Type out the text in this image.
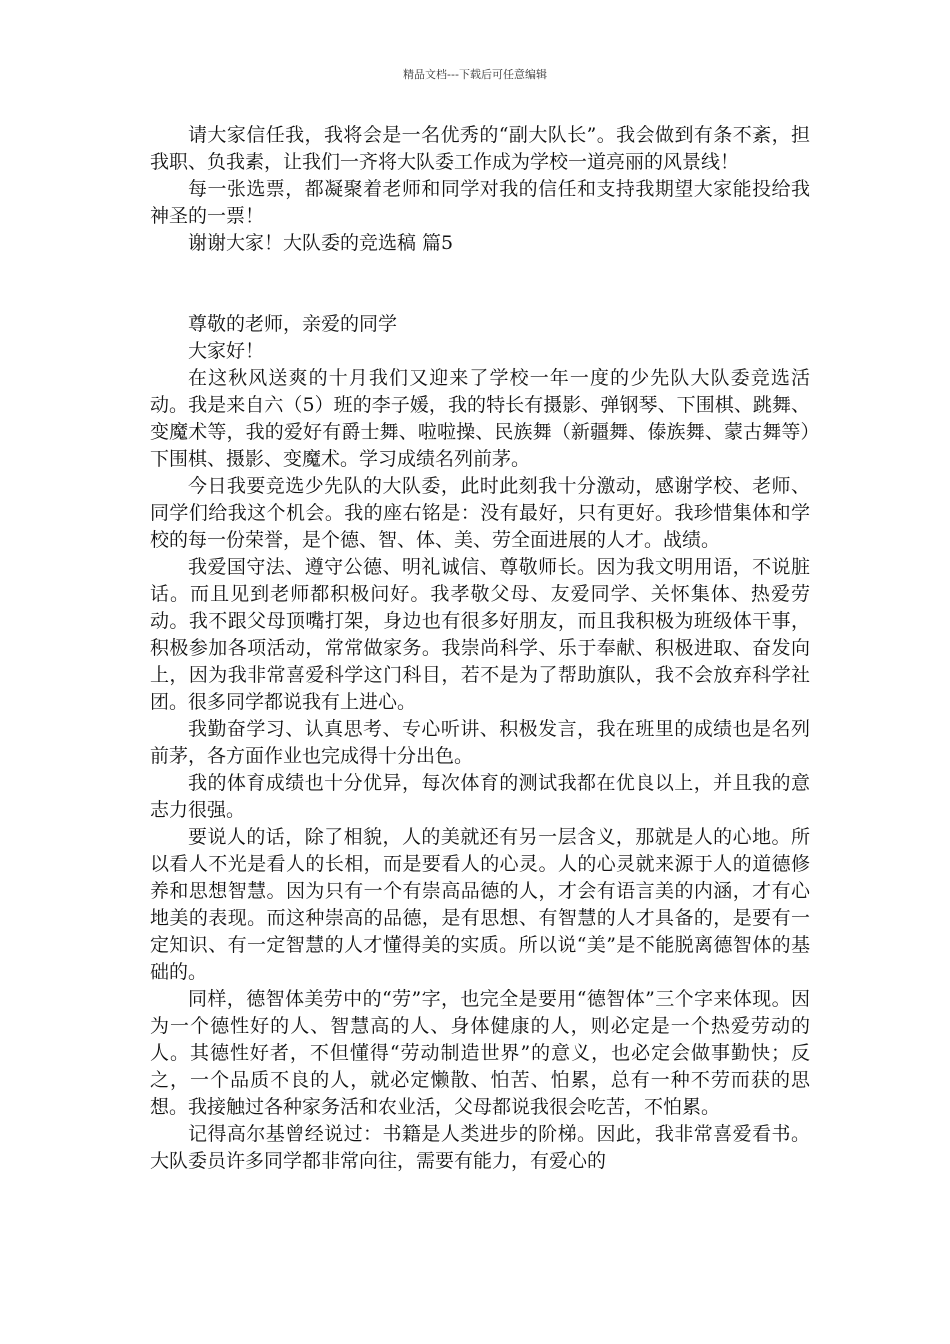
精品文档---下载后可任意编辑

请大家信任我，我将会是一名优秀的“副大队长”。我会做到有条不紊，担我职、负我素，让我们一齐将大队委工作成为学校一道亮丽的风景线！

每一张选票，都凝聚着老师和同学对我的信任和支持我期望大家能投给我神圣的一票！

谢谢大家！大队委的竞选稿 篇5

尊敬的老师，亲爱的同学

大家好！

在这秋风送爽的十月我们又迎来了学校一年一度的少先队大队委竞选活动。我是来自六（5）班的李子媛，我的特长有摄影、弹钢琴、下围棋、跳舞、变魔术等，我的爱好有爵士舞、啦啦操、民族舞（新疆舞、傣族舞、蒙古舞等）下围棋、摄影、变魔术。学习成绩名列前茅。

今日我要竞选少先队的大队委，此时此刻我十分激动，感谢学校、老师、同学们给我这个机会。我的座右铭是：没有最好，只有更好。我珍惜集体和学校的每一份荣誉，是个德、智、体、美、劳全面进展的人才。战绩。

我爱国守法、遵守公德、明礼诚信、尊敬师长。因为我文明用语，不说脏话。而且见到老师都积极问好。我孝敬父母、友爱同学、关怀集体、热爱劳动。我不跟父母顶嘴打架，身边也有很多好朋友，而且我积极为班级体干事，积极参加各项活动，常常做家务。我崇尚科学、乐于奉献、积极进取、奋发向上，因为我非常喜爱科学这门科目，若不是为了帮助旗队，我不会放弃科学社团。很多同学都说我有上进心。

我勤奋学习、认真思考、专心听讲、积极发言，我在班里的成绩也是名列前茅，各方面作业也完成得十分出色。

我的体育成绩也十分优异，每次体育的测试我都在优良以上，并且我的意志力很强。

要说人的话，除了相貌，人的美就还有另一层含义，那就是人的心地。所以看人不光是看人的长相，而是要看人的心灵。人的心灵就来源于人的道德修养和思想智慧。因为只有一个有崇高品德的人，才会有语言美的内涵，才有心地美的表现。而这种崇高的品德，是有思想、有智慧的人才具备的，是要有一定知识、有一定智慧的人才懂得美的实质。所以说“美”是不能脱离德智体的基础的。

同样，德智体美劳中的“劳”字，也完全是要用“德智体”三个字来体现。因为一个德性好的人、智慧高的人、身体健康的人，则必定是一个热爱劳动的人。其德性好者，不但懂得“劳动制造世界”的意义，也必定会做事勤快；反之，一个品质不良的人，就必定懒散、怕苦、怕累，总有一种不劳而获的思想。我接触过各种家务活和农业活，父母都说我很会吃苦，不怕累。

记得高尔基曾经说过：书籍是人类进步的阶梯。因此，我非常喜爱看书。大队委员许多同学都非常向往，需要有能力，有爱心的
